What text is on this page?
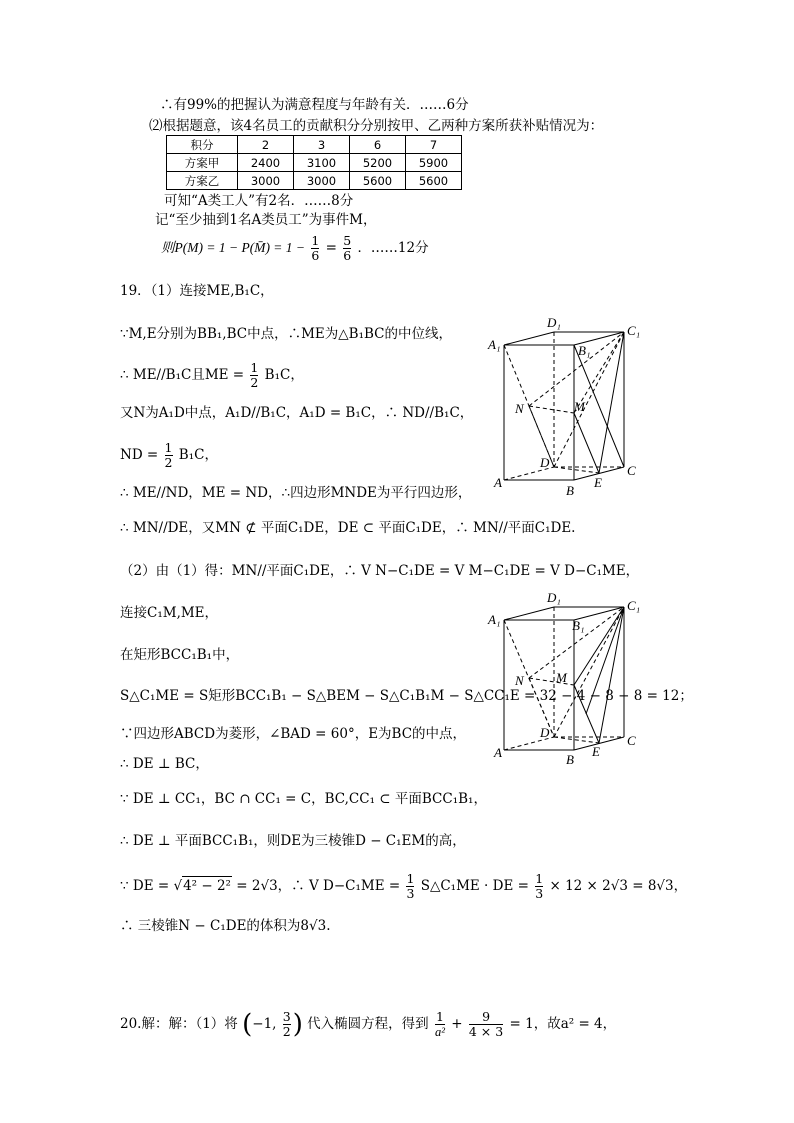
∴有99%的把握认为满意程度与年龄有关．……6分
⑵根据题意，该4名员工的贡献积分分别按甲、乙两种方案所获补贴情况为：
积分	2	3	6	7
方案甲	2400	3100	5200	5900
方案乙	3000	3000	5600	5600
可知“A类工人”有2名．……8分
记“至少抽到1名A类员工”为事件M，
则P(M) = 1 − P(M̄) = $1 - \frac{1}{6} = \frac{5}{6}$ ．……12分
19．（1）连接ME,B₁C，
∵M,E分别为BB₁,BC中点，∴ME为△B₁BC的中位线，
∴ ME//B₁C且ME = $\frac{1}{2} B_1C$，
又N为A₁D中点，A₁D//B₁C，A₁D = B₁C，∴ ND//B₁C，
ND = $\frac{1}{2} B_1C$，
∴ ME//ND，ME = ND，∴四边形MNDE为平行四边形，
∴ MN//DE，又MN ⊄ 平面C₁DE，DE ⊂ 平面C₁DE，∴ MN//平面C₁DE.
A₁
D₁
C₁
B₁
N	M
D
A
B
E
C
（2）由（1）得：MN//平面C₁DE，∴ V N−C₁DE = V M−C₁DE = V D−C₁ME，
连接C₁M,ME，
在矩形BCC₁B₁中，
S△C₁ME = S矩形BCC₁B₁ − S△BEM − S△C₁B₁M − S△CC₁E = 32 − 4 − 8 − 8 = 12；
∵四边形ABCD为菱形，∠BAD = 60°，E为BC的中点，
∴ DE ⊥ BC，
∵ DE ⊥ CC₁，BC ∩ CC₁ = C，BC,CC₁ ⊂ 平面BCC₁B₁，
∴ DE ⊥ 平面BCC₁B₁，则DE为三棱锥D − C₁EM的高，
∵ DE = √4² − 2² = 2√3，∴ V $D-C_1ME = \frac{1}{3}$ S△C₁ME · DE = $\frac{1}{3} \times 12 \times 2√3 = 8√3$，
∴ 三棱锥N − C₁DE的体积为8√3.
A₁
D₁
C₁
B₁
N M
D
A	B
E
C
20.解：解：（1）将 (−1, $\frac{3}{2}$ ) 代入椭圆方程，得到 $\frac{1}{\text{a²}} + \frac{9}{4 \times 3} = 1$，故a² = 4，
